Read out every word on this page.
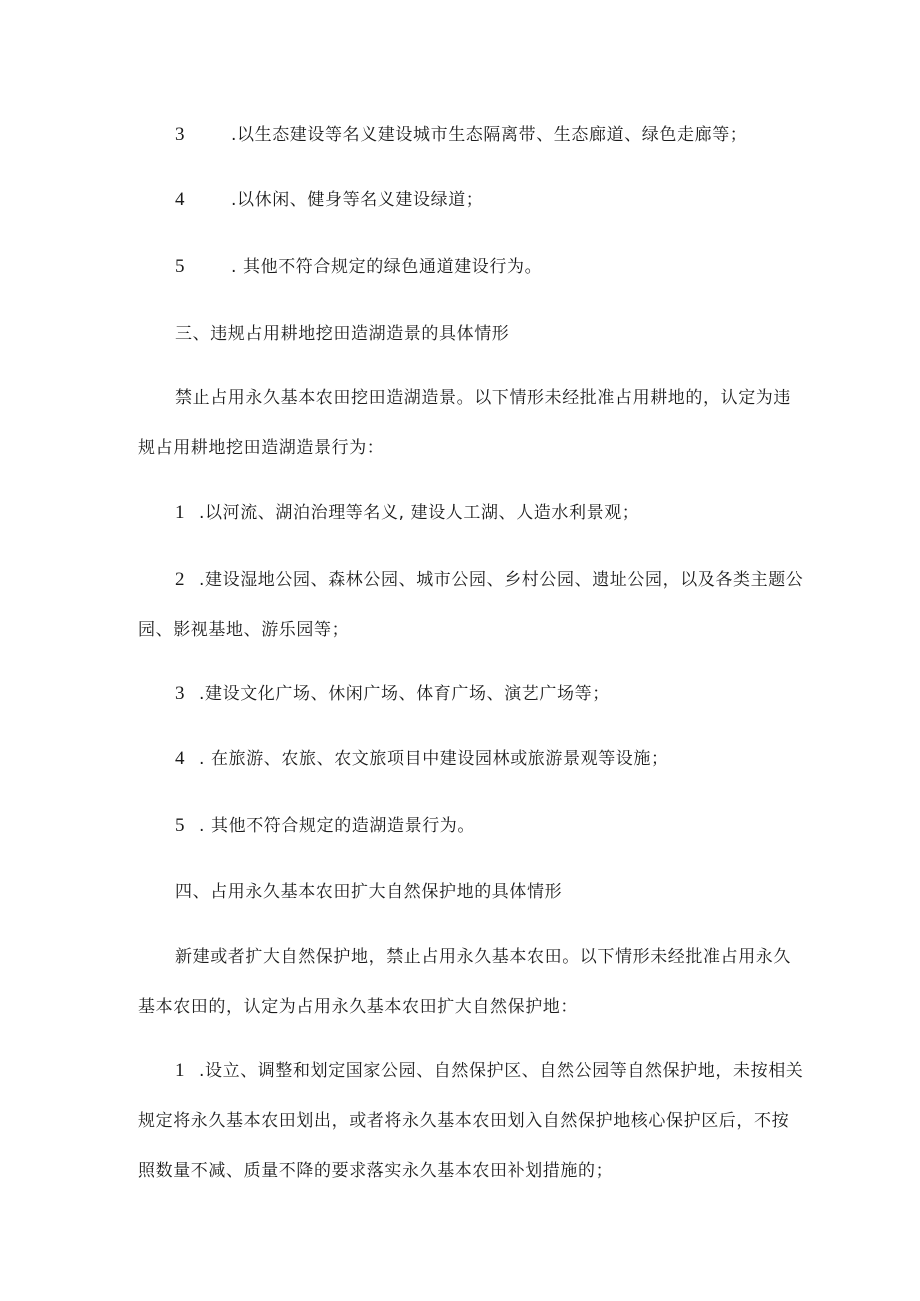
3	.以生态建设等名义建设城市生态隔离带、生态廊道、绿色走廊等；
4	.以休闲、健身等名义建设绿道；
5	. 其他不符合规定的绿色通道建设行为。
三、违规占用耕地挖田造湖造景的具体情形
禁止占用永久基本农田挖田造湖造景。以下情形未经批准占用耕地的，认定为违
规占用耕地挖田造湖造景行为：
1 .以河流、湖泊治理等名义, 建设人工湖、人造水利景观；
2 .建设湿地公园、森林公园、城市公园、乡村公园、遗址公园，以及各类主题公
园、影视基地、游乐园等；
3 .建设文化广场、休闲广场、体育广场、演艺广场等；
4 . 在旅游、农旅、农文旅项目中建设园林或旅游景观等设施；
5 . 其他不符合规定的造湖造景行为。
四、占用永久基本农田扩大自然保护地的具体情形
新建或者扩大自然保护地，禁止占用永久基本农田。以下情形未经批准占用永久
基本农田的，认定为占用永久基本农田扩大自然保护地：
1 .设立、调整和划定国家公园、自然保护区、自然公园等自然保护地，未按相关
规定将永久基本农田划出，或者将永久基本农田划入自然保护地核心保护区后，不按
照数量不减、质量不降的要求落实永久基本农田补划措施的；
